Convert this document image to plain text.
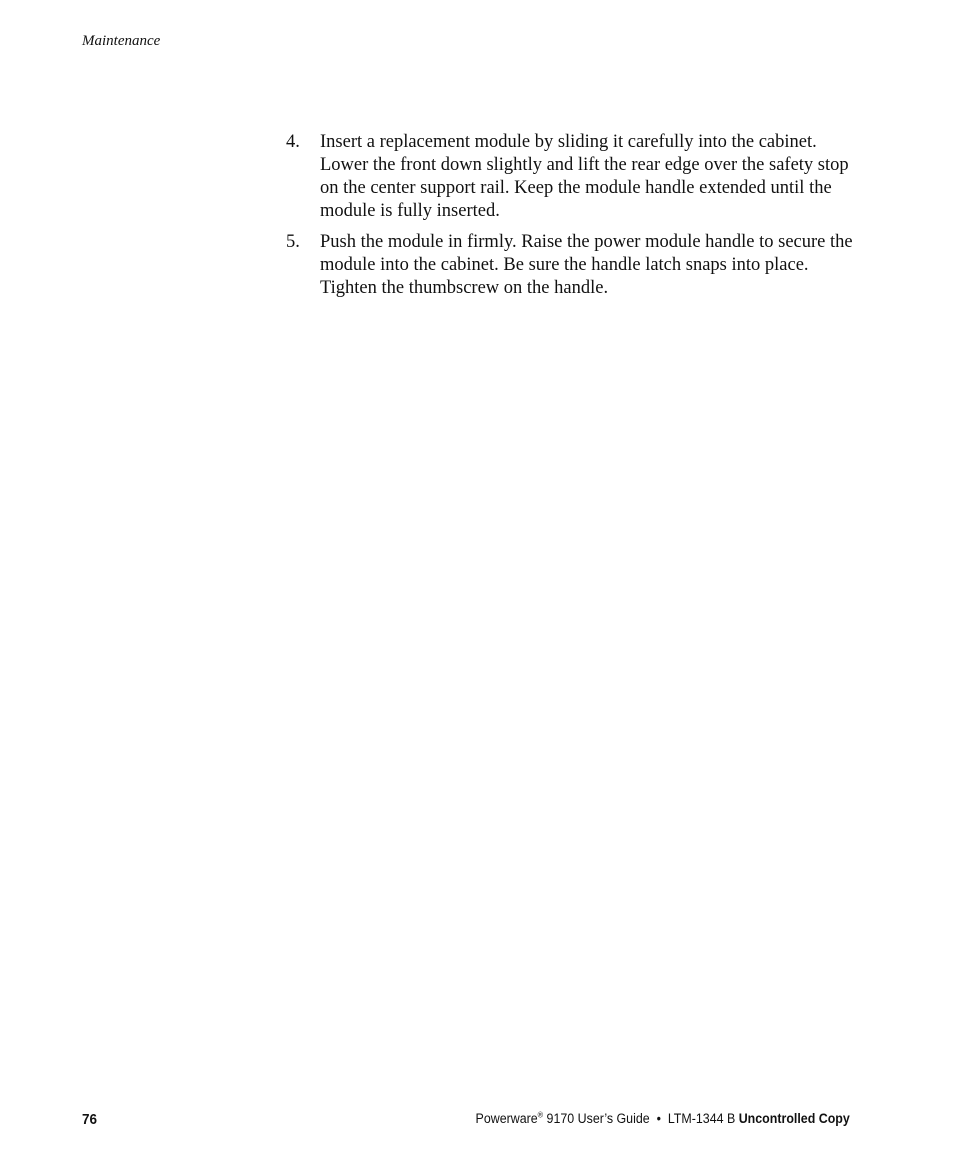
Maintenance
4.	Insert a replacement module by sliding it carefully into the cabinet. Lower the front down slightly and lift the rear edge over the safety stop on the center support rail. Keep the module handle extended until the module is fully inserted.
5.	Push the module in firmly. Raise the power module handle to secure the module into the cabinet. Be sure the handle latch snaps into place. Tighten the thumbscrew on the handle.
76	Powerware® 9170 User’s Guide  •  LTM-1344 B Uncontrolled Copy
